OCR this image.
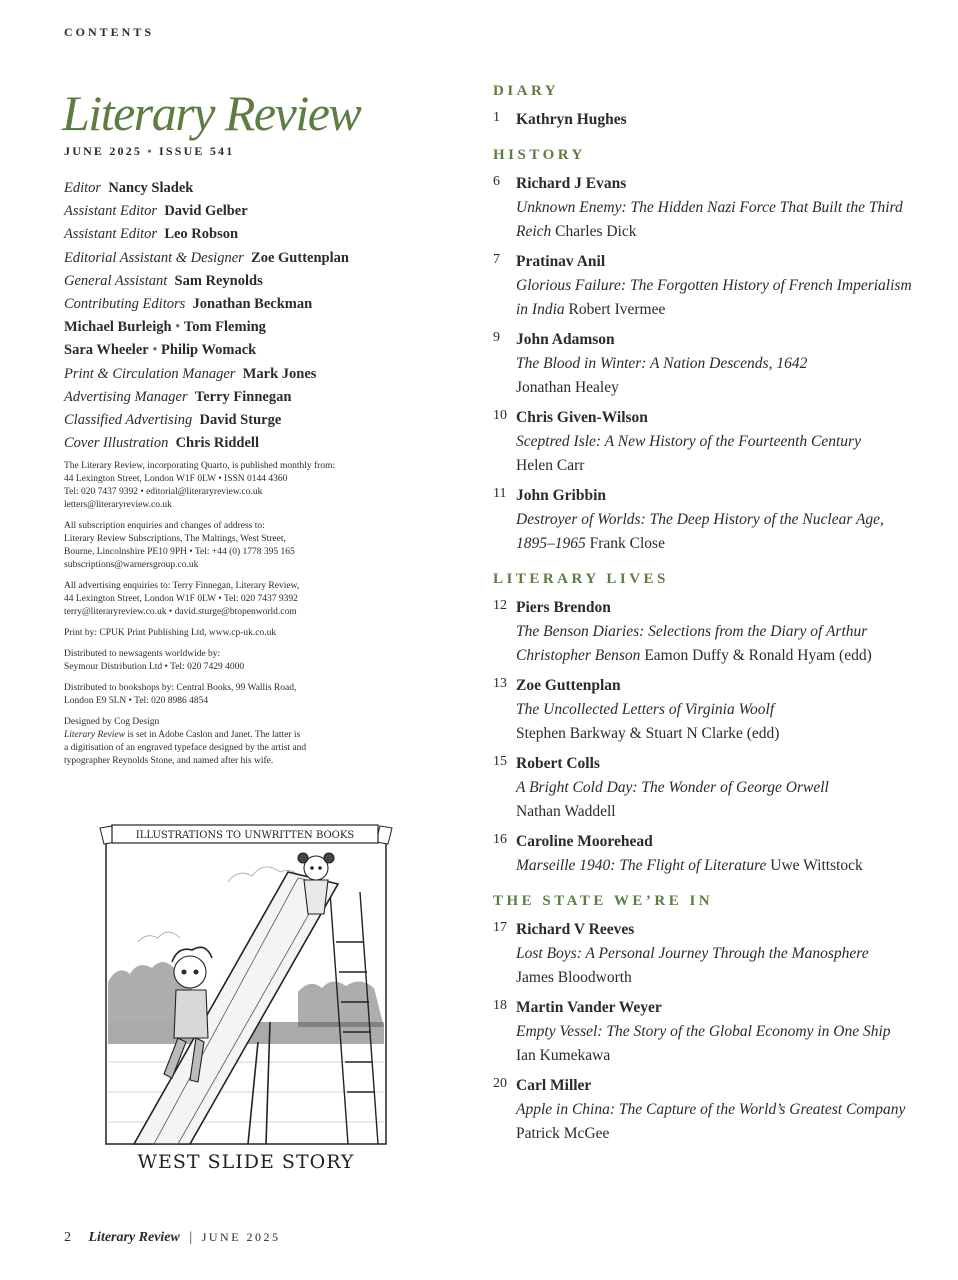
CONTENTS
Literary Review
JUNE 2025 • ISSUE 541
Editor Nancy Sladek
Assistant Editor David Gelber
Assistant Editor Leo Robson
Editorial Assistant & Designer Zoe Guttenplan
General Assistant Sam Reynolds
Contributing Editors Jonathan Beckman
Michael Burleigh • Tom Fleming
Sara Wheeler • Philip Womack
Print & Circulation Manager Mark Jones
Advertising Manager Terry Finnegan
Classified Advertising David Sturge
Cover Illustration Chris Riddell

The Literary Review, incorporating Quarto, is published monthly from:

44 Lexington Street, London W1F 0LW • ISSN 0144 4360

Tel: 020 7437 9392 • editorial@literaryreview.co.uk

letters@literaryreview.co.uk

All subscription enquiries and changes of address to:

Literary Review Subscriptions, The Maltings, West Street,

Bourne, Lincolnshire PE10 9PH • Tel: +44 (0) 1778 395 165

subscriptions@warnersgroup.co.uk

All advertising enquiries to: Terry Finnegan, Literary Review,

44 Lexington Street, London W1F 0LW • Tel: 020 7437 9392

terry@literaryreview.co.uk • david.sturge@btopenworld.com

Print by: CPUK Print Publishing Ltd, www.cp-uk.co.uk

Distributed to newsagents worldwide by:

Seymour Distribution Ltd • Tel: 020 7429 4000

Distributed to bookshops by: Central Books, 99 Wallis Road,

London E9 5LN • Tel: 020 8986 4854

Designed by Cog Design

Literary Review is set in Adobe Caslon and Janet. The latter is

a digitisation of an engraved typeface designed by the artist and

typographer Reynolds Stone, and named after his wife.

ILLUSTRATIONS TO UNWRITTEN BOOKS
WEST SLIDE STORY
2 Literary Review | JUNE 2025
DIARY
1 Kathryn Hughes
HISTORY
6 Richard J Evans
Unknown Enemy: The Hidden Nazi Force That Built the Third Reich Charles Dick
7 Pratinav Anil
Glorious Failure: The Forgotten History of French Imperialism in India Robert Ivermee
9 John Adamson
The Blood in Winter: A Nation Descends, 1642
Jonathan Healey
10 Chris Given-Wilson
Sceptred Isle: A New History of the Fourteenth Century
Helen Carr
11 John Gribbin
Destroyer of Worlds: The Deep History of the Nuclear Age, 1895–1965 Frank Close
LITERARY LIVES
12 Piers Brendon
The Benson Diaries: Selections from the Diary of Arthur Christopher Benson Eamon Duffy & Ronald Hyam (edd)
13 Zoe Guttenplan
The Uncollected Letters of Virginia Woolf
Stephen Barkway & Stuart N Clarke (edd)
15 Robert Colls
A Bright Cold Day: The Wonder of George Orwell
Nathan Waddell
16 Caroline Moorehead
Marseille 1940: The Flight of Literature Uwe Wittstock
THE STATE WE’RE IN
17 Richard V Reeves
Lost Boys: A Personal Journey Through the Manosphere
James Bloodworth
18 Martin Vander Weyer
Empty Vessel: The Story of the Global Economy in One Ship
Ian Kumekawa
20 Carl Miller
Apple in China: The Capture of the World’s Greatest Company
Patrick McGee
